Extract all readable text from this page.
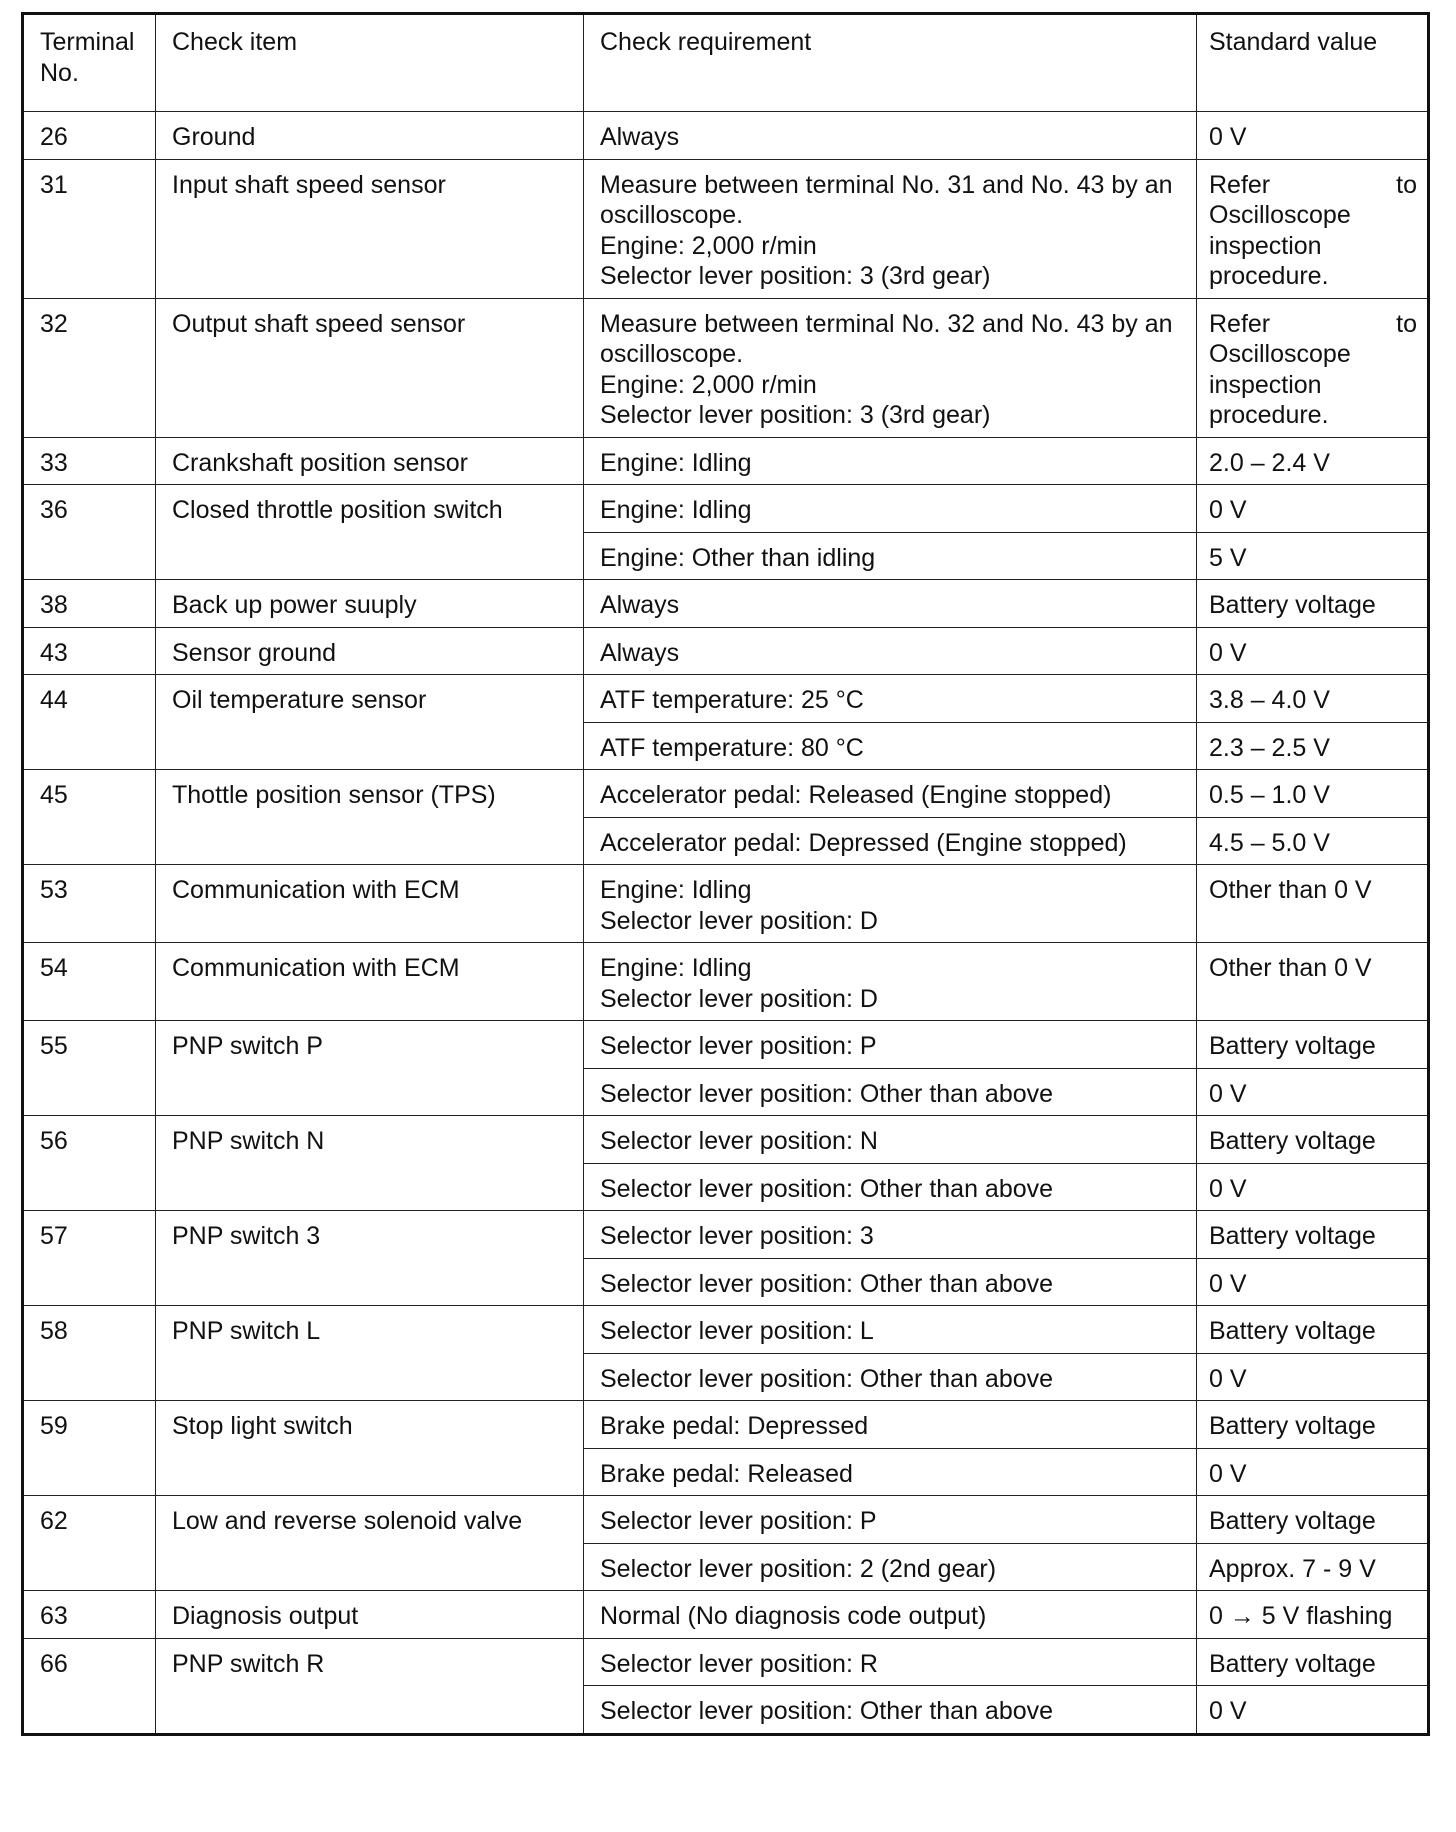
Terminal
No.	Check item	Check requirement	Standard value
26	Ground	Always	0 V
31	Input shaft speed sensor	Measure between terminal No. 31 and No. 43 by an oscilloscope.
Engine: 2,000 r/min
Selector lever position: 3 (3rd gear)	Refer to Oscilloscope inspection procedure.
32	Output shaft speed sensor	Measure between terminal No. 32 and No. 43 by an oscilloscope.
Engine: 2,000 r/min
Selector lever position: 3 (3rd gear)	Refer to Oscilloscope inspection procedure.
33	Crankshaft position sensor	Engine: Idling	2.0 – 2.4 V
36	Closed throttle position switch	Engine: Idling	0 V

		Engine: Other than idling	5 V
38	Back up power suuply	Always	Battery voltage
43	Sensor ground	Always	0 V
44	Oil temperature sensor	ATF temperature: 25 °C	3.8 – 4.0 V

		ATF temperature: 80 °C	2.3 – 2.5 V
45	Thottle position sensor (TPS)	Accelerator pedal: Released (Engine stopped)	0.5 – 1.0 V

		Accelerator pedal: Depressed (Engine stopped)	4.5 – 5.0 V
53	Communication with ECM	Engine: Idling
Selector lever position: D	Other than 0 V
54	Communication with ECM	Engine: Idling
Selector lever position: D	Other than 0 V
55	PNP switch P	Selector lever position: P	Battery voltage

		Selector lever position: Other than above	0 V
56	PNP switch N	Selector lever position: N	Battery voltage

		Selector lever position: Other than above	0 V
57	PNP switch 3	Selector lever position: 3	Battery voltage

		Selector lever position: Other than above	0 V
58	PNP switch L	Selector lever position: L	Battery voltage

		Selector lever position: Other than above	0 V
59	Stop light switch	Brake pedal: Depressed	Battery voltage

		Brake pedal: Released	0 V
62	Low and reverse solenoid valve	Selector lever position: P	Battery voltage

		Selector lever position: 2 (2nd gear)	Approx. 7 - 9 V
63	Diagnosis output	Normal (No diagnosis code output)	0 → 5 V flashing
66	PNP switch R	Selector lever position: R	Battery voltage

		Selector lever position: Other than above	0 V
